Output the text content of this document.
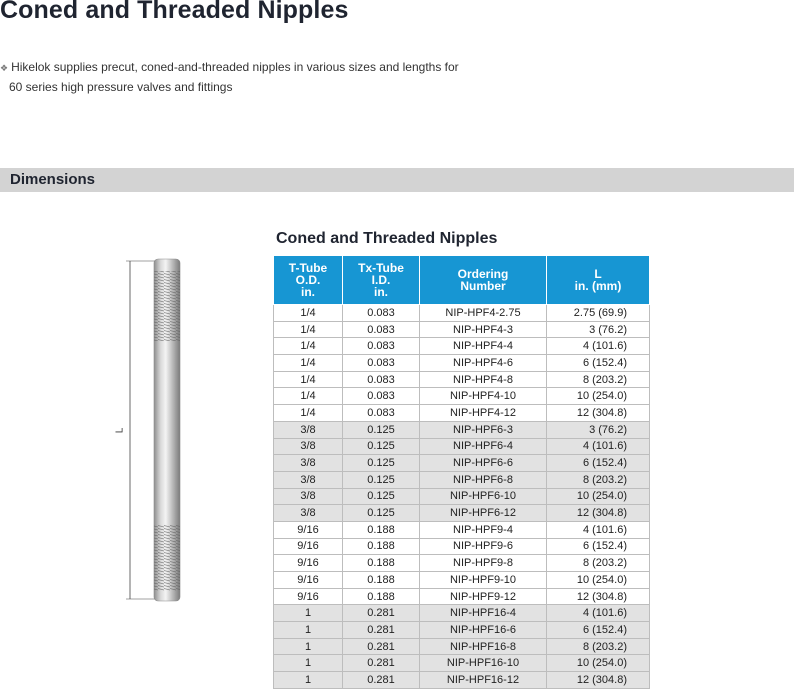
Coned and Threaded Nipples
❖ Hikelok supplies precut, coned-and-threaded nipples in various sizes and lengths for
60 series high pressure valves and fittings
Dimensions
L
Coned and Threaded Nipples
T-Tube
O.D.
in.	Tx-Tube
I.D.
in.	Ordering
Number	L
in. (mm)

1/4	0.083	NIP-HPF4-2.75	2.75 (69.9)
1/4	0.083	NIP-HPF4-3	3 (76.2)
1/4	0.083	NIP-HPF4-4	4 (101.6)
1/4	0.083	NIP-HPF4-6	6 (152.4)
1/4	0.083	NIP-HPF4-8	8 (203.2)
1/4	0.083	NIP-HPF4-10	10 (254.0)
1/4	0.083	NIP-HPF4-12	12 (304.8)
3/8	0.125	NIP-HPF6-3	3 (76.2)
3/8	0.125	NIP-HPF6-4	4 (101.6)
3/8	0.125	NIP-HPF6-6	6 (152.4)
3/8	0.125	NIP-HPF6-8	8 (203.2)
3/8	0.125	NIP-HPF6-10	10 (254.0)
3/8	0.125	NIP-HPF6-12	12 (304.8)
9/16	0.188	NIP-HPF9-4	4 (101.6)
9/16	0.188	NIP-HPF9-6	6 (152.4)
9/16	0.188	NIP-HPF9-8	8 (203.2)
9/16	0.188	NIP-HPF9-10	10 (254.0)
9/16	0.188	NIP-HPF9-12	12 (304.8)
1	0.281	NIP-HPF16-4	4 (101.6)
1	0.281	NIP-HPF16-6	6 (152.4)
1	0.281	NIP-HPF16-8	8 (203.2)
1	0.281	NIP-HPF16-10	10 (254.0)
1	0.281	NIP-HPF16-12	12 (304.8)
